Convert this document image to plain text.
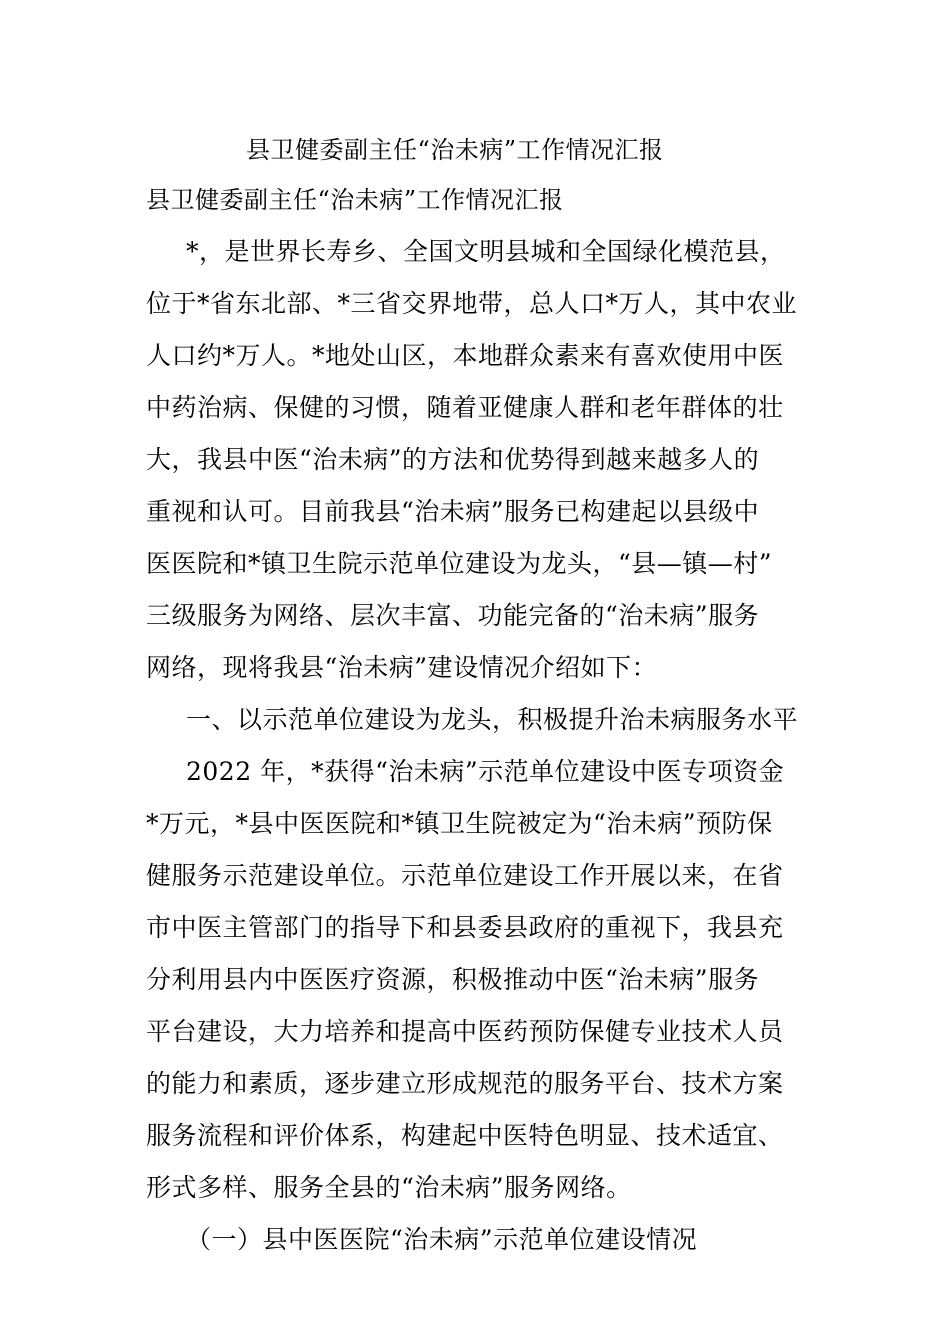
县卫健委副主任“治未病”工作情况汇报
县卫健委副主任“治未病”工作情况汇报
*，是世界长寿乡、全国文明县城和全国绿化模范县，
位于*省东北部、*三省交界地带，总人口*万人，其中农业
人口约*万人。*地处山区，本地群众素来有喜欢使用中医
中药治病、保健的习惯，随着亚健康人群和老年群体的壮
大，我县中医“治未病”的方法和优势得到越来越多人的
重视和认可。目前我县“治未病”服务已构建起以县级中
医医院和*镇卫生院示范单位建设为龙头，“县—镇—村”
三级服务为网络、层次丰富、功能完备的“治未病”服务
网络，现将我县“治未病”建设情况介绍如下：
一、以示范单位建设为龙头，积极提升治未病服务水平
2022 年，*获得“治未病”示范单位建设中医专项资金
*万元，*县中医医院和*镇卫生院被定为“治未病”预防保
健服务示范建设单位。示范单位建设工作开展以来，在省
市中医主管部门的指导下和县委县政府的重视下，我县充
分利用县内中医医疗资源，积极推动中医“治未病”服务
平台建设，大力培养和提高中医药预防保健专业技术人员
的能力和素质，逐步建立形成规范的服务平台、技术方案
服务流程和评价体系，构建起中医特色明显、技术适宜、
形式多样、服务全县的“治未病”服务网络。
（一）县中医医院“治未病”示范单位建设情况
